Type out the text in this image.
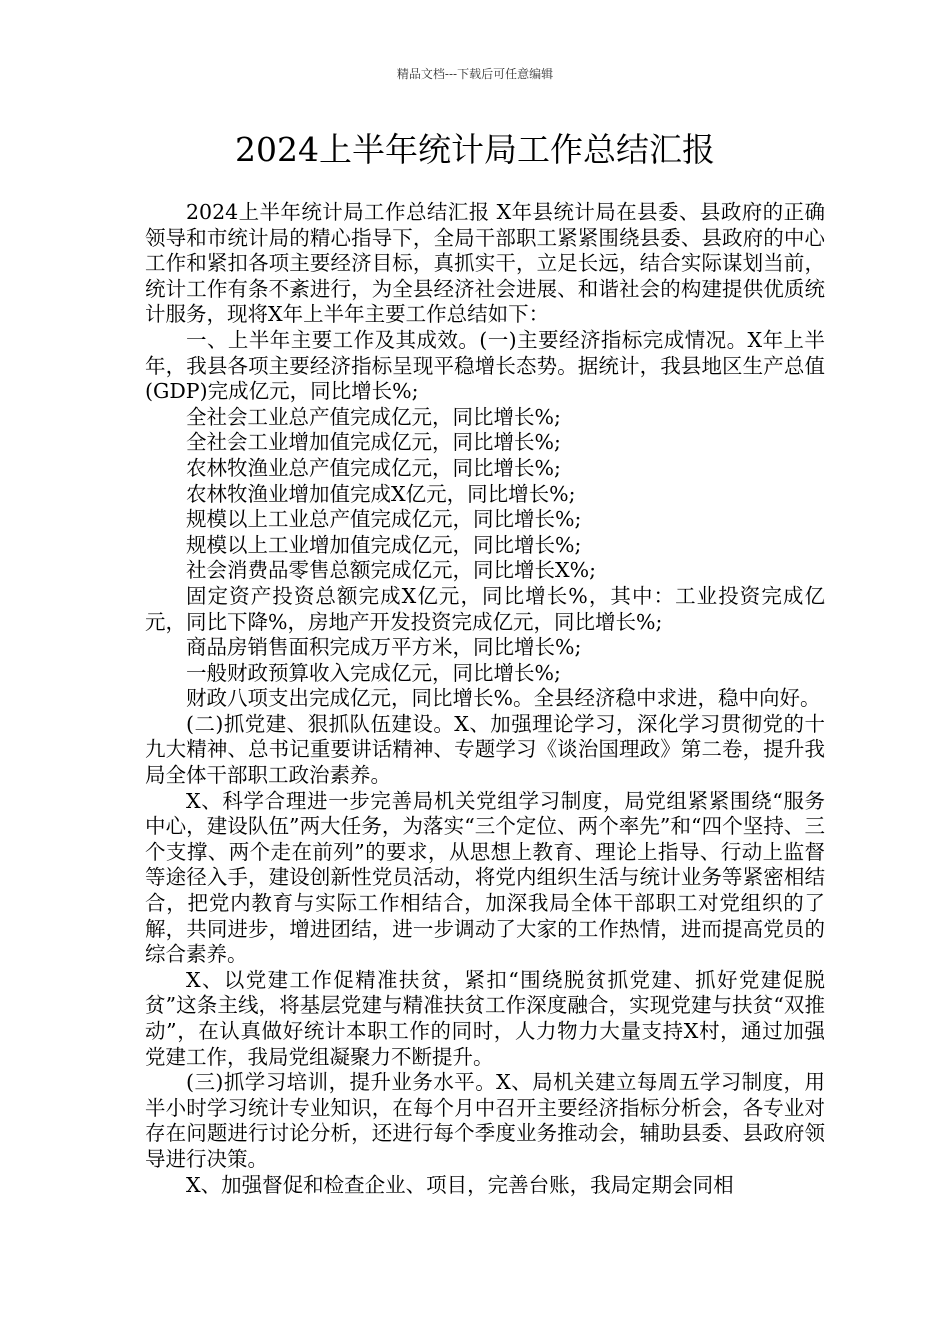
精品文档---下载后可任意编辑
2024上半年统计局工作总结汇报

2024上半年统计局工作总结汇报 X年县统计局在县委、县政府的正确领导和市统计局的精心指导下，全局干部职工紧紧围绕县委、县政府的中心工作和紧扣各项主要经济目标，真抓实干，立足长远，结合实际谋划当前，统计工作有条不紊进行，为全县经济社会进展、和谐社会的构建提供优质统计服务，现将X年上半年主要工作总结如下：

一、上半年主要工作及其成效。(一)主要经济指标完成情况。X年上半年，我县各项主要经济指标呈现平稳增长态势。据统计，我县地区生产总值(GDP)完成亿元，同比增长%;

全社会工业总产值完成亿元，同比增长%;

全社会工业增加值完成亿元，同比增长%;

农林牧渔业总产值完成亿元，同比增长%;

农林牧渔业增加值完成X亿元，同比增长%;

规模以上工业总产值完成亿元，同比增长%;

规模以上工业增加值完成亿元，同比增长%;

社会消费品零售总额完成亿元，同比增长X%;

固定资产投资总额完成X亿元，同比增长%，其中：工业投资完成亿元，同比下降%，房地产开发投资完成亿元，同比增长%;

商品房销售面积完成万平方米，同比增长%;

一般财政预算收入完成亿元，同比增长%;

财政八项支出完成亿元，同比增长%。全县经济稳中求进，稳中向好。

(二)抓党建、狠抓队伍建设。X、加强理论学习，深化学习贯彻党的十九大精神、总书记重要讲话精神、专题学习《谈治国理政》第二卷，提升我局全体干部职工政治素养。

X、科学合理进一步完善局机关党组学习制度，局党组紧紧围绕“服务中心，建设队伍”两大任务，为落实“三个定位、两个率先”和“四个坚持、三个支撑、两个走在前列”的要求，从思想上教育、理论上指导、行动上监督等途径入手，建设创新性党员活动，将党内组织生活与统计业务等紧密相结合，把党内教育与实际工作相结合，加深我局全体干部职工对党组织的了解，共同进步，增进团结，进一步调动了大家的工作热情，进而提高党员的综合素养。

X、以党建工作促精准扶贫，紧扣“围绕脱贫抓党建、抓好党建促脱贫”这条主线，将基层党建与精准扶贫工作深度融合，实现党建与扶贫“双推动”，在认真做好统计本职工作的同时，人力物力大量支持X村，通过加强党建工作，我局党组凝聚力不断提升。

(三)抓学习培训，提升业务水平。X、局机关建立每周五学习制度，用半小时学习统计专业知识，在每个月中召开主要经济指标分析会，各专业对存在问题进行讨论分析，还进行每个季度业务推动会，辅助县委、县政府领导进行决策。

X、加强督促和检查企业、项目，完善台账，我局定期会同相
